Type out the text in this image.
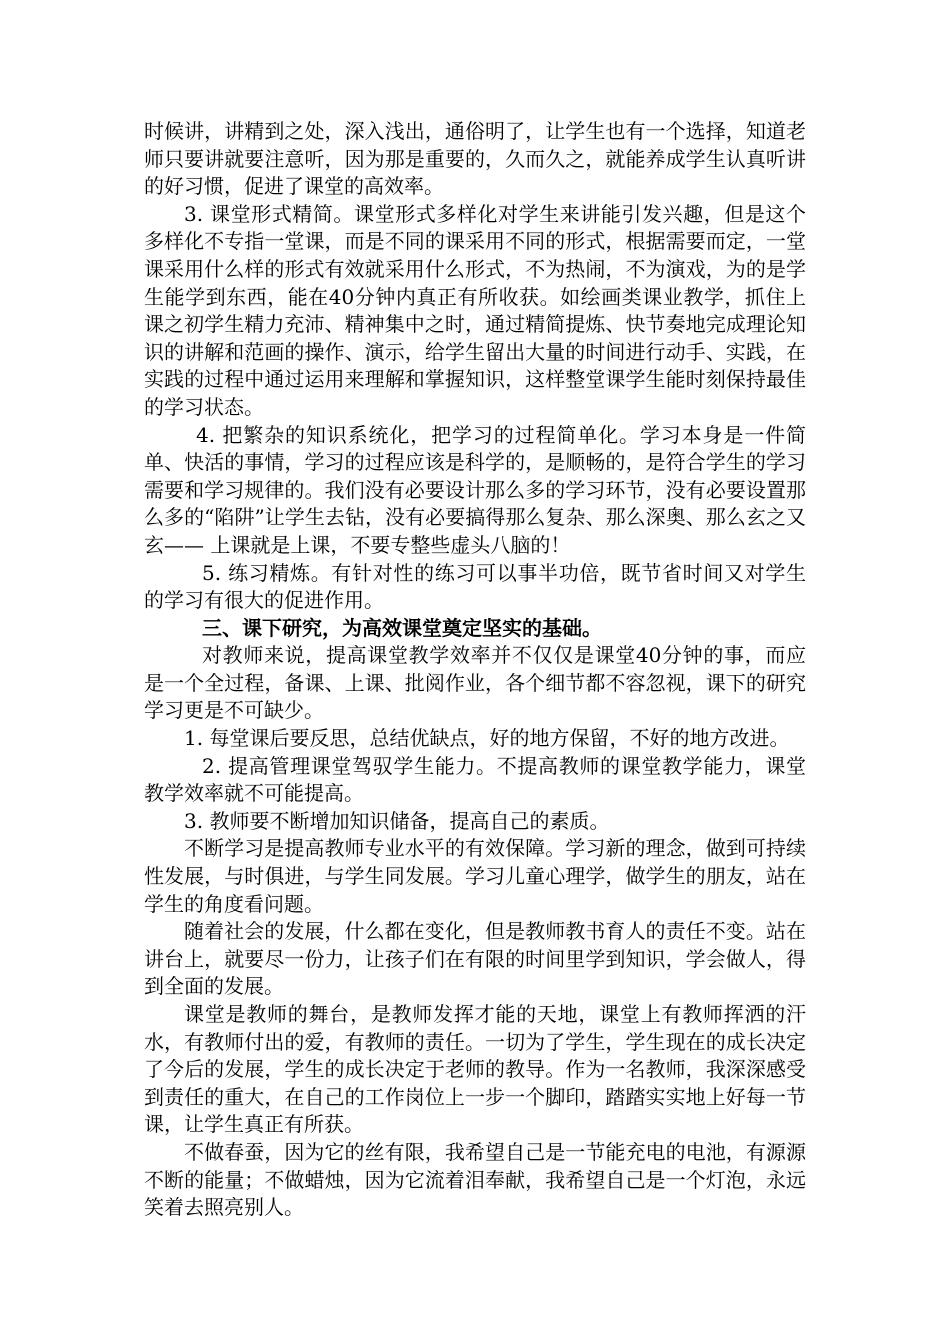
时候讲，讲精到之处，深入浅出，通俗明了，让学生也有一个选择，知道老师只要讲就要注意听，因为那是重要的，久而久之，就能养成学生认真听讲的好习惯，促进了课堂的高效率。

3. 课堂形式精简。课堂形式多样化对学生来讲能引发兴趣，但是这个多样化不专指一堂课，而是不同的课采用不同的形式，根据需要而定，一堂课采用什么样的形式有效就采用什么形式，不为热闹，不为演戏，为的是学生能学到东西，能在40分钟内真正有所收获。如绘画类课业教学，抓住上课之初学生精力充沛、精神集中之时，通过精简提炼、快节奏地完成理论知识的讲解和范画的操作、演示，给学生留出大量的时间进行动手、实践，在实践的过程中通过运用来理解和掌握知识，这样整堂课学生能时刻保持最佳的学习状态。

4. 把繁杂的知识系统化，把学习的过程简单化。学习本身是一件简单、快活的事情，学习的过程应该是科学的，是顺畅的，是符合学生的学习需要和学习规律的。我们没有必要设计那么多的学习环节，没有必要设置那么多的“陷阱”让学生去钻，没有必要搞得那么复杂、那么深奥、那么玄之又玄—— 上课就是上课，不要专整些虚头八脑的！

5. 练习精炼。有针对性的练习可以事半功倍，既节省时间又对学生的学习有很大的促进作用。

三、课下研究，为高效课堂奠定坚实的基础。

对教师来说，提高课堂教学效率并不仅仅是课堂40分钟的事，而应是一个全过程，备课、上课、批阅作业，各个细节都不容忽视，课下的研究学习更是不可缺少。

1. 每堂课后要反思，总结优缺点，好的地方保留，不好的地方改进。

2. 提高管理课堂驾驭学生能力。不提高教师的课堂教学能力，课堂教学效率就不可能提高。

3. 教师要不断增加知识储备，提高自己的素质。

不断学习是提高教师专业水平的有效保障。学习新的理念，做到可持续性发展，与时俱进，与学生同发展。学习儿童心理学，做学生的朋友，站在学生的角度看问题。

随着社会的发展，什么都在变化，但是教师教书育人的责任不变。站在讲台上，就要尽一份力，让孩子们在有限的时间里学到知识，学会做人，得到全面的发展。

课堂是教师的舞台，是教师发挥才能的天地，课堂上有教师挥洒的汗水，有教师付出的爱，有教师的责任。一切为了学生，学生现在的成长决定了今后的发展，学生的成长决定于老师的教导。作为一名教师，我深深感受到责任的重大，在自己的工作岗位上一步一个脚印，踏踏实实地上好每一节课，让学生真正有所获。

不做春蚕，因为它的丝有限，我希望自己是一节能充电的电池，有源源不断的能量；不做蜡烛，因为它流着泪奉献，我希望自己是一个灯泡，永远笑着去照亮别人。
